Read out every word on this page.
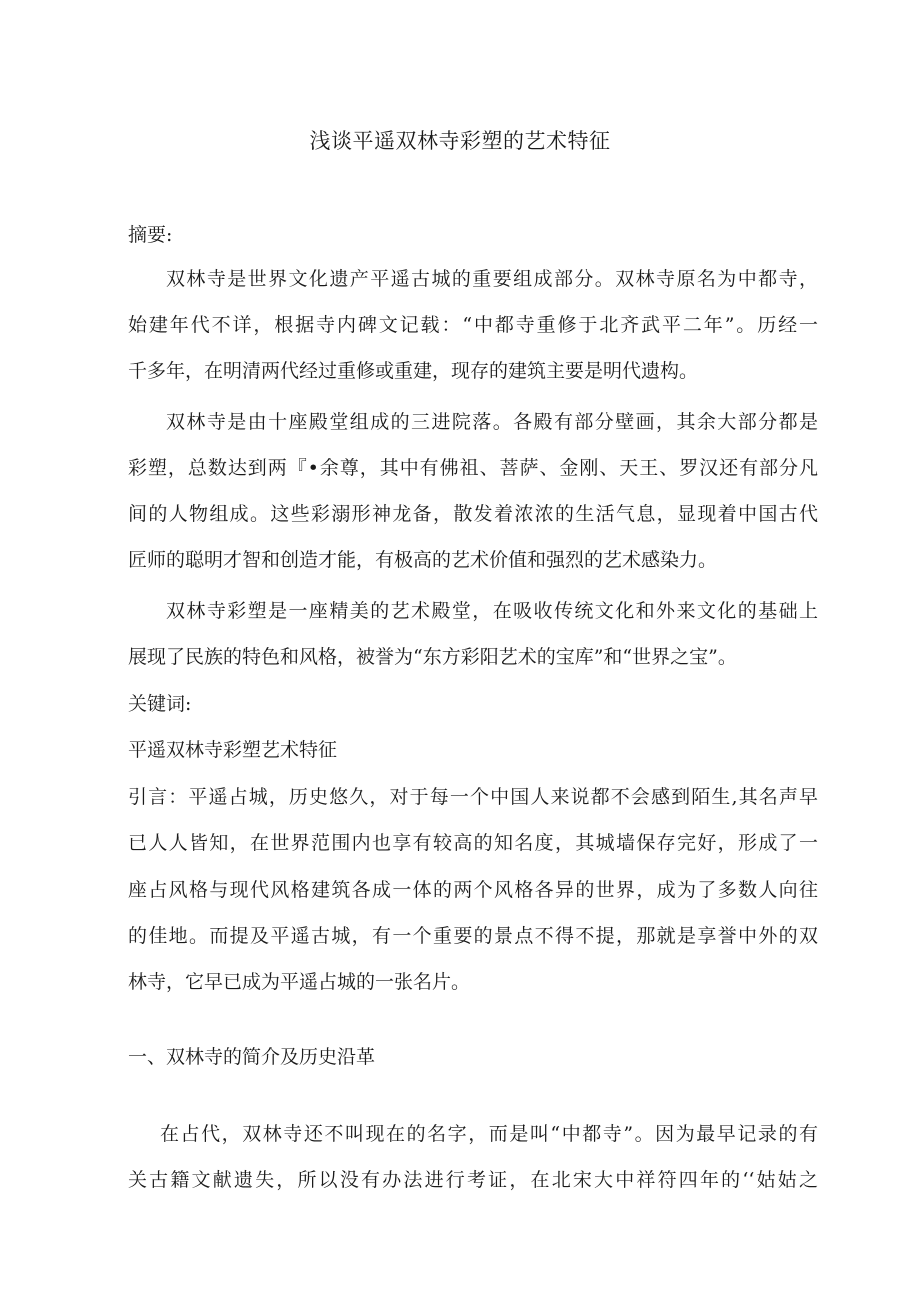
浅谈平遥双林寺彩塑的艺术特征
摘要:
双林寺是世界文化遗产平遥古城的重要组成部分。双林寺原名为中都寺，
始建年代不详，根据寺内碑文记载：“中都寺重修于北齐武平二年”。历经一
千多年，在明清两代经过重修或重建，现存的建筑主要是明代遗构。
双林寺是由十座殿堂组成的三进院落。各殿有部分壁画，其余大部分都是
彩塑，总数达到两『•余尊，其中有佛祖、菩萨、金刚、天王、罗汉还有部分凡
间的人物组成。这些彩溺形神龙备，散发着浓浓的生活气息，显现着中国古代
匠师的聪明才智和创造才能，有极高的艺术价值和强烈的艺术感染力。
双林寺彩塑是一座精美的艺术殿堂，在吸收传统文化和外来文化的基础上
展现了民族的特色和风格，被誉为“东方彩阳艺术的宝库”和“世界之宝”。
关键词:
平遥双林寺彩塑艺术特征
引言：平遥占城，历史悠久，对于每一个中国人来说都不会感到陌生,其名声早
已人人皆知，在世界范围内也享有较高的知名度，其城墙保存完好，形成了一
座占风格与现代风格建筑各成一体的两个风格各异的世界，成为了多数人向往
的佳地。而提及平遥古城，有一个重要的景点不得不提，那就是享誉中外的双
林寺，它早已成为平遥占城的一张名片。
一、双林寺的简介及历史沿革
在占代，双林寺还不叫现在的名字，而是叫“中都寺”。因为最早记录的有
关古籍文献遗失，所以没有办法进行考证，在北宋大中祥符四年的‘‘姑姑之
